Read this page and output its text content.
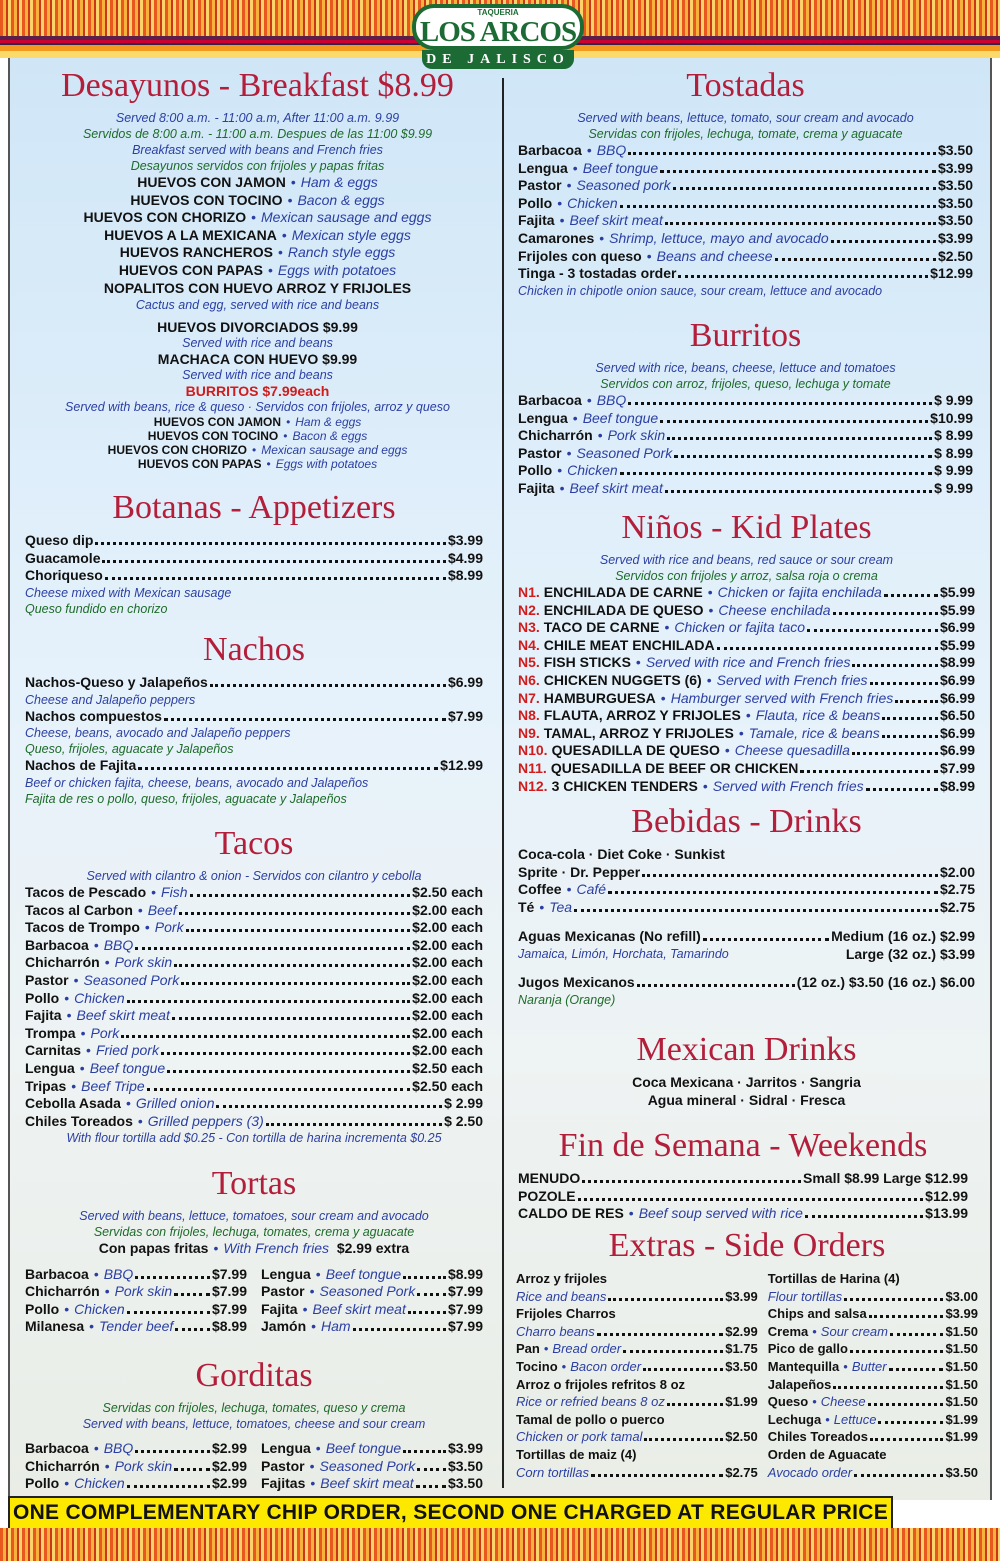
TAQUERIA
LOS ARCOS
DE JALISCO
Desayunos - Breakfast $8.99
Served 8:00 a.m. - 11:00 a.m, After 11:00 a.m. 9.99
Servidos de 8:00 a.m. - 11:00 a.m. Despues de las 11:00 $9.99
Breakfast served with beans and French fries
Desayunos servidos con frijoles y papas fritas
HUEVOS CON JAMON • Ham & eggs
HUEVOS CON TOCINO • Bacon & eggs
HUEVOS CON CHORIZO • Mexican sausage and eggs
HUEVOS A LA MEXICANA • Mexican style eggs
HUEVOS RANCHEROS • Ranch style eggs
HUEVOS CON PAPAS • Eggs with potatoes
NOPALITOS CON HUEVO ARROZ Y FRIJOLES
Cactus and egg, served with rice and beans
HUEVOS DIVORCIADOS $9.99
Served with rice and beans
MACHACA CON HUEVO $9.99
Served with rice and beans
BURRITOS $7.99each
Served with beans, rice & queso · Servidos con frijoles, arroz y queso
HUEVOS CON JAMON • Ham & eggs
HUEVOS CON TOCINO • Bacon & eggs
HUEVOS CON CHORIZO • Mexican sausage and eggs
HUEVOS CON PAPAS • Eggs with potatoes
Botanas - Appetizers
Queso dip	$3.99
Guacamole	$4.99
Choriqueso	$8.99
Cheese mixed with Mexican sausage
Queso fundido en chorizo
Nachos
Nachos-Queso y Jalapeños	$6.99
Cheese and Jalapeño peppers
Nachos compuestos	$7.99
Cheese, beans, avocado and Jalapeño peppers
Queso, frijoles, aguacate y Jalapeños
Nachos de Fajita	$12.99
Beef or chicken fajita, cheese, beans, avocado and Jalapeños
Fajita de res o pollo, queso, frijoles, aguacate y Jalapeños
Tacos
Served with cilantro & onion - Servidos con cilantro y cebolla
Tacos de Pescado • Fish	$2.50 each
Tacos al Carbon • Beef	$2.00 each
Tacos de Trompo • Pork	$2.00 each
Barbacoa • BBQ	$2.00 each
Chicharrón • Pork skin	$2.00 each
Pastor • Seasoned Pork	$2.00 each
Pollo • Chicken	$2.00 each
Fajita • Beef skirt meat	$2.00 each
Trompa • Pork	$2.00 each
Carnitas • Fried pork	$2.00 each
Lengua • Beef tongue	$2.50 each
Tripas • Beef Tripe	$2.50 each
Cebolla Asada • Grilled onion	$ 2.99
Chiles Toreados • Grilled peppers (3)	$ 2.50
With flour tortilla add $0.25 - Con tortilla de harina incrementa $0.25
Tortas
Served with beans, lettuce, tomatoes, sour cream and avocado
Servidas con frijoles, lechuga, tomates, crema y aguacate
Con papas fritas • With French fries
$2.99 extra
Barbacoa • BBQ	$7.99
Chicharrón • Pork skin	$7.99
Pollo • Chicken	$7.99
Milanesa • Tender beef	$8.99
Lengua • Beef tongue	$8.99
Pastor • Seasoned Pork $7.99
Fajita • Beef skirt meat	$7.99
Jamón • Ham	$7.99
Gorditas
Servidas con frijoles, lechuga, tomates, queso y crema
Served with beans, lettuce, tomatoes, cheese and sour cream
Barbacoa • BBQ	$2.99
Chicharrón • Pork skin	$2.99
Pollo • Chicken	$2.99
Lengua • Beef tongue	$3.99
Pastor • Seasoned Pork $3.50
Fajitas • Beef skirt meat $3.50
Tostadas
Served with beans, lettuce, tomato, sour cream and avocado
Servidas con frijoles, lechuga, tomate, crema y aguacate
Barbacoa • BBQ	$3.50
Lengua • Beef tongue	$3.99
Pastor • Seasoned pork	$3.50
Pollo • Chicken	$3.50
Fajita • Beef skirt meat	$3.50
Camarones • Shrimp, lettuce, mayo and avocado	$3.99
Frijoles con queso • Beans and cheese	$2.50
Tinga - 3 tostadas order	$12.99
Chicken in chipotle onion sauce, sour cream, lettuce and avocado
Burritos
Served with rice, beans, cheese, lettuce and tomatoes
Servidos con arroz, frijoles, queso, lechuga y tomate
Barbacoa • BBQ	$ 9.99
Lengua • Beef tongue	$10.99
Chicharrón • Pork skin	$ 8.99
Pastor • Seasoned Pork	$ 8.99
Pollo • Chicken	$ 9.99
Fajita • Beef skirt meat	$ 9.99
Niños - Kid Plates
Served with rice and beans, red sauce or sour cream
Servidos con frijoles y arroz, salsa roja o crema
N1. ENCHILADA DE CARNE • Chicken or fajita enchilada	$5.99
N2. ENCHILADA DE QUESO • Cheese enchilada	$5.99
N3. TACO DE CARNE • Chicken or fajita taco	$6.99
N4. CHILE MEAT ENCHILADA	$5.99
N5. FISH STICKS • Served with rice and French fries	$8.99
N6. CHICKEN NUGGETS (6) • Served with French fries	$6.99
N7. HAMBURGUESA • Hamburger served with French fries	$6.99
N8. FLAUTA, ARROZ Y FRIJOLES • Flauta, rice & beans	$6.50
N9. TAMAL, ARROZ Y FRIJOLES • Tamale, rice & beans	$6.99
N10. QUESADILLA DE QUESO • Cheese quesadilla	$6.99
N11. QUESADILLA DE BEEF OR CHICKEN	$7.99
N12. 3 CHICKEN TENDERS • Served with French fries	$8.99
Bebidas - Drinks
Coca-cola · Diet Coke · Sunkist
Sprite · Dr. Pepper	$2.00
Coffee • Café	$2.75
Té • Tea	$2.75
Aguas Mexicanas (No refill)	Medium (16 oz.) $2.99
Jamaica, Limón, Horchata, Tamarindo	Large (32 oz.) $3.99
Jugos Mexicanos	(12 oz.) $3.50 (16 oz.) $6.00
Naranja (Orange)
Mexican Drinks
Coca Mexicana · Jarritos · Sangria
Agua mineral · Sidral · Fresca
Fin de Semana - Weekends
MENUDO	Small $8.99 Large $12.99
POZOLE	$12.99
CALDO DE RES • Beef soup served with rice	$13.99
Extras - Side Orders
Arroz y frijoles
Rice and beans	$3.99
Frijoles Charros
Charro beans	$2.99
Pan • Bread order	$1.75
Tocino • Bacon order	$3.50
Arroz o frijoles refritos 8 oz
Rice or refried beans 8 oz	$1.99
Tamal de pollo o puerco
Chicken or pork tamal	$2.50
Tortillas de maiz (4)
Corn tortillas	$2.75
Tortillas de Harina (4)
Flour tortillas	$3.00
Chips and salsa	$3.99
Crema • Sour cream	$1.50
Pico de gallo	$1.50
Mantequilla • Butter	$1.50
Jalapeños	$1.50
Queso • Cheese	$1.50
Lechuga • Lettuce	$1.99
Chiles Toreados	$1.99
Orden de Aguacate
Avocado order	$3.50
ONE COMPLEMENTARY CHIP ORDER, SECOND ONE CHARGED AT REGULAR PRICE
